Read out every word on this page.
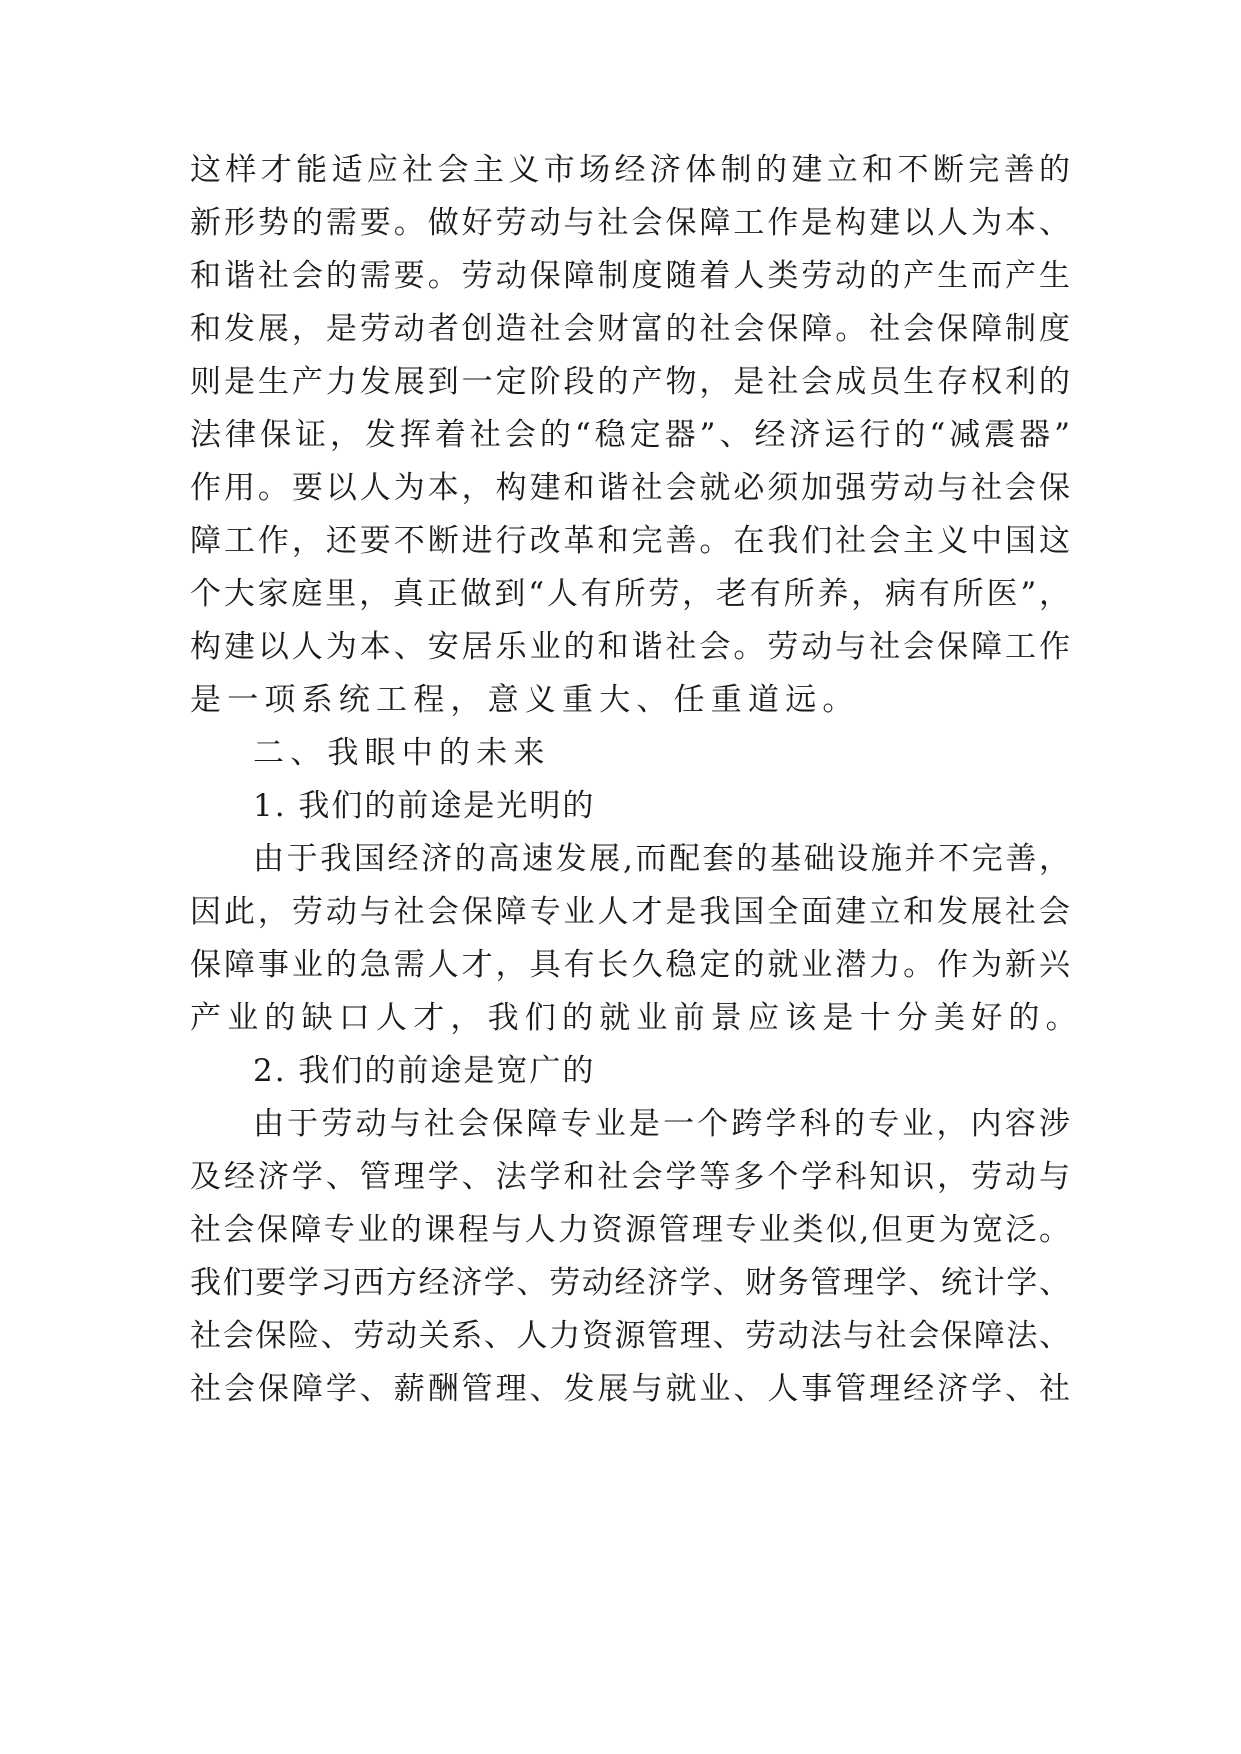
这样才能适应社会主义市场经济体制的建立和不断完善的
新形势的需要。做好劳动与社会保障工作是构建以人为本、
和谐社会的需要。劳动保障制度随着人类劳动的产生而产生
和发展，是劳动者创造社会财富的社会保障。社会保障制度
则是生产力发展到一定阶段的产物，是社会成员生存权利的
法律保证，发挥着社会的“稳定器”、经济运行的“减震器”
作用。要以人为本，构建和谐社会就必须加强劳动与社会保
障工作，还要不断进行改革和完善。在我们社会主义中国这
个大家庭里，真正做到“人有所劳，老有所养，病有所医”，
构建以人为本、安居乐业的和谐社会。劳动与社会保障工作
是一项系统工程，意义重大、任重道远。
二、我眼中的未来
1. 我们的前途是光明的
由于我国经济的高速发展,而配套的基础设施并不完善，
因此，劳动与社会保障专业人才是我国全面建立和发展社会
保障事业的急需人才，具有长久稳定的就业潜力。作为新兴
产业的缺口人才，我们的就业前景应该是十分美好的。
2. 我们的前途是宽广的
由于劳动与社会保障专业是一个跨学科的专业，内容涉
及经济学、管理学、法学和社会学等多个学科知识，劳动与
社会保障专业的课程与人力资源管理专业类似,但更为宽泛。
我们要学习西方经济学、劳动经济学、财务管理学、统计学、
社会保险、劳动关系、人力资源管理、劳动法与社会保障法、
社会保障学、薪酬管理、发展与就业、人事管理经济学、社
